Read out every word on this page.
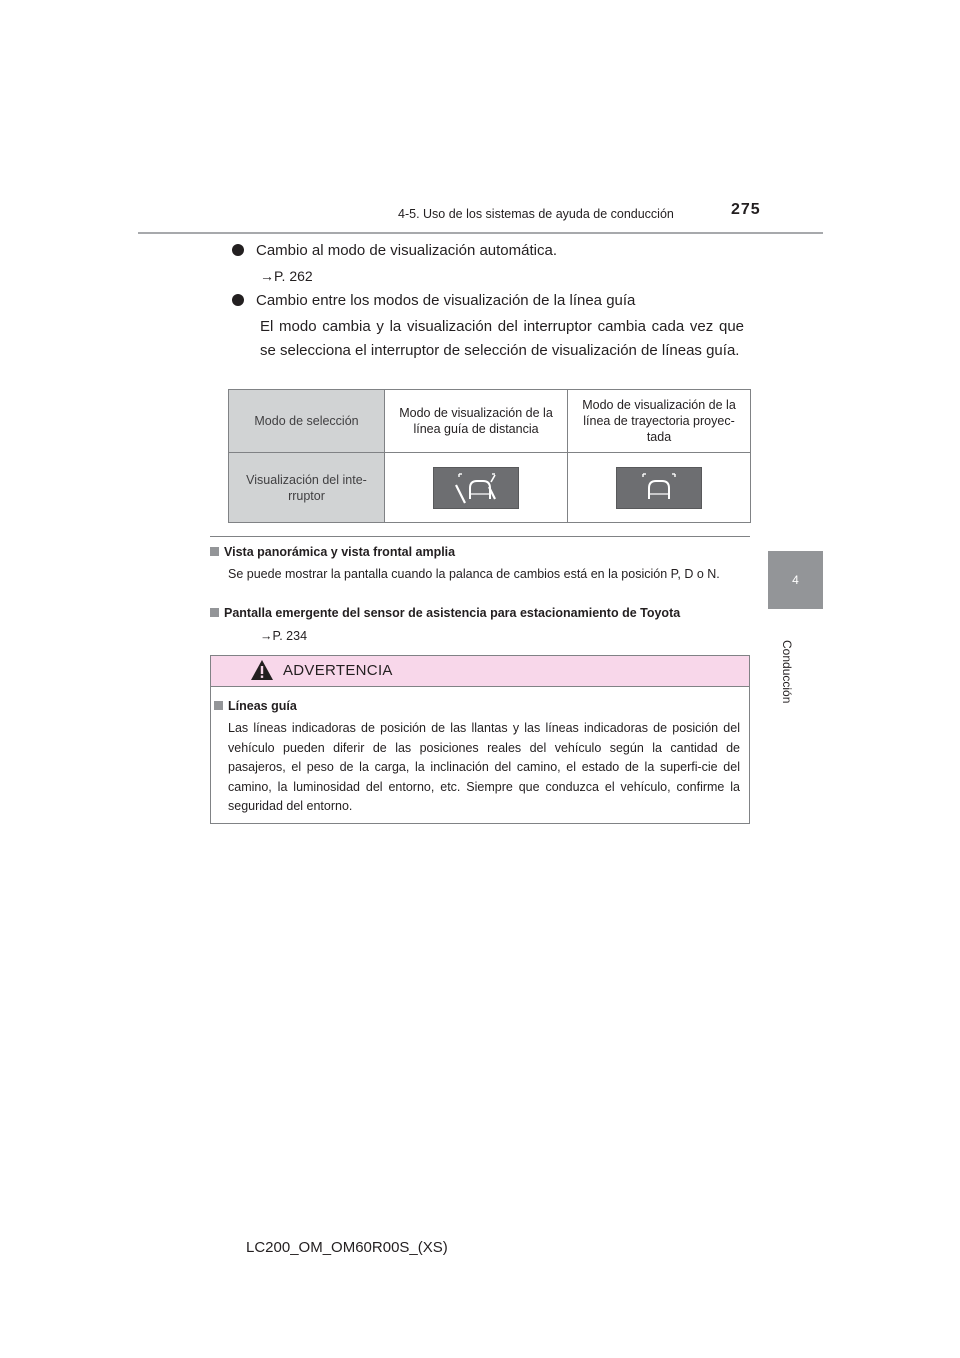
4-5. Uso de los sistemas de ayuda de conducción	275
4
Conducción
Cambio al modo de visualización automática.
→P. 262
Cambio entre los modos de visualización de la línea guía
El modo cambia y la visualización del interruptor cambia cada vez que se selecciona el interruptor de selección de visualización de líneas guía.
Modo de selección	Modo de visualización de la línea guía de distancia	Modo de visualización de la línea de trayectoria proyec-tada
Visualización del inte-rruptor		
Vista panorámica y vista frontal amplia
Se puede mostrar la pantalla cuando la palanca de cambios está en la posición P, D o N.
Pantalla emergente del sensor de asistencia para estacionamiento de Toyota
→P. 234
ADVERTENCIA
Líneas guía
Las líneas indicadoras de posición de las llantas y las líneas indicadoras de posición del vehículo pueden diferir de las posiciones reales del vehículo según la cantidad de pasajeros, el peso de la carga, la inclinación del camino, el estado de la superfi-cie del camino, la luminosidad del entorno, etc. Siempre que conduzca el vehículo, confirme la seguridad del entorno.
LC200_OM_OM60R00S_(XS)
